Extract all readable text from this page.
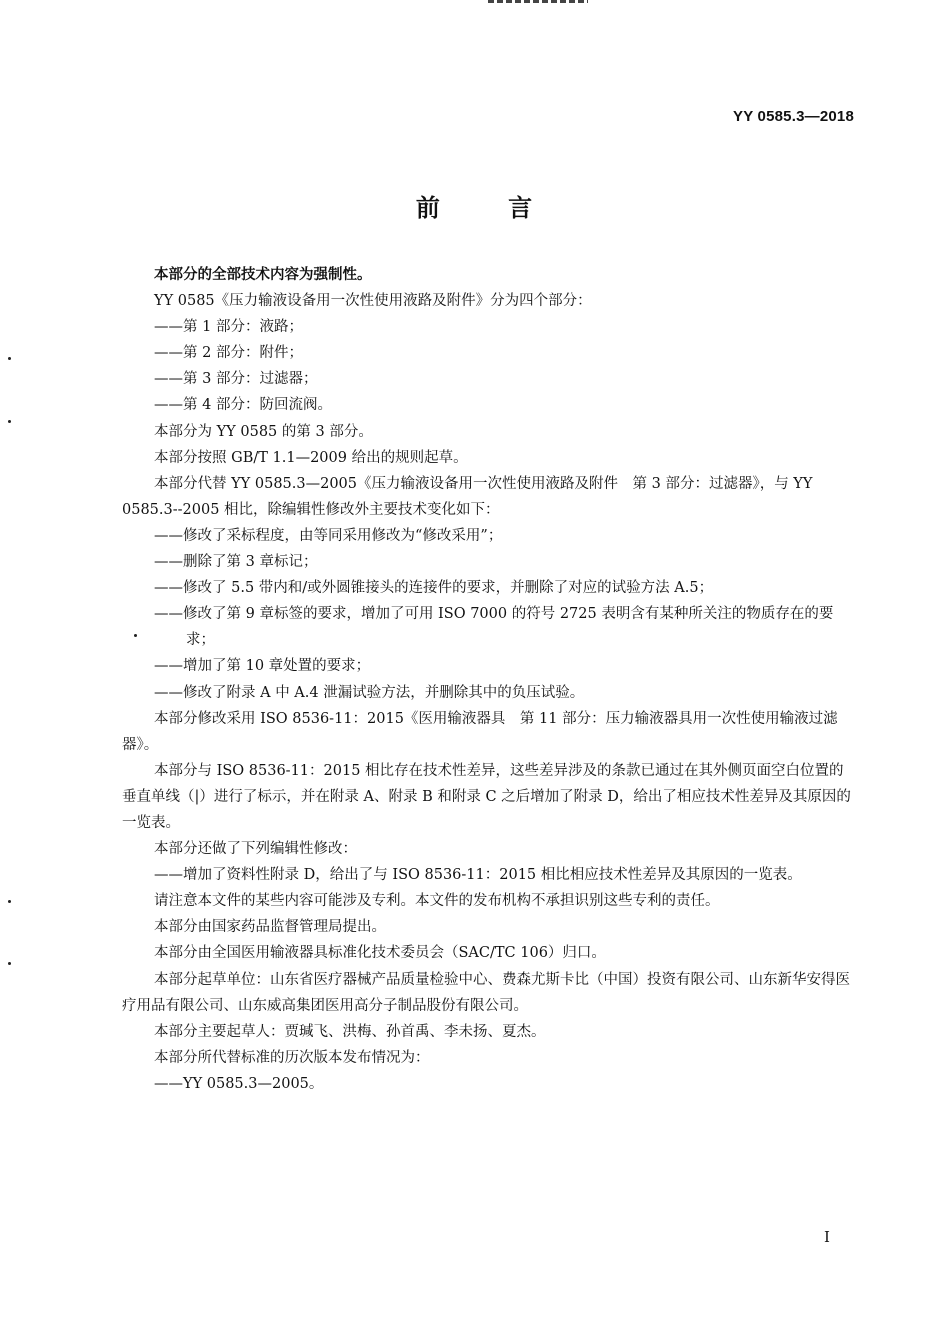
YY 0585.3—2018
前 言

本部分的全部技术内容为强制性。

YY 0585《压力输液设备用一次性使用液路及附件》分为四个部分：

——第 1 部分：液路；

——第 2 部分：附件；

——第 3 部分：过滤器；

——第 4 部分：防回流阀。

本部分为 YY 0585 的第 3 部分。

本部分按照 GB/T 1.1—2009 给出的规则起草。

本部分代替 YY 0585.3—2005《压力输液设备用一次性使用液路及附件　第 3 部分：过滤器》，与 YY 0585.3--2005 相比，除编辑性修改外主要技术变化如下：

——修改了采标程度，由等同采用修改为“修改采用”；

——删除了第 3 章标记；

——修改了 5.5 带内和/或外圆锥接头的连接件的要求，并删除了对应的试验方法 A.5；

——修改了第 9 章标签的要求，增加了可用 ISO 7000 的符号 2725 表明含有某种所关注的物质存在的要求；

——增加了第 10 章处置的要求；

——修改了附录 A 中 A.4 泄漏试验方法，并删除其中的负压试验。

本部分修改采用 ISO 8536-11：2015《医用输液器具　第 11 部分：压力输液器具用一次性使用输液过滤器》。

本部分与 ISO 8536-11：2015 相比存在技术性差异，这些差异涉及的条款已通过在其外侧页面空白位置的垂直单线（|）进行了标示，并在附录 A、附录 B 和附录 C 之后增加了附录 D，给出了相应技术性差异及其原因的一览表。

本部分还做了下列编辑性修改：

——增加了资料性附录 D，给出了与 ISO 8536-11：2015 相比相应技术性差异及其原因的一览表。

请注意本文件的某些内容可能涉及专利。本文件的发布机构不承担识别这些专利的责任。

本部分由国家药品监督管理局提出。

本部分由全国医用输液器具标准化技术委员会（SAC/TC 106）归口。

本部分起草单位：山东省医疗器械产品质量检验中心、费森尤斯卡比（中国）投资有限公司、山东新华安得医疗用品有限公司、山东威高集团医用高分子制品股份有限公司。

本部分主要起草人：贾瑊飞、洪梅、孙首禹、李未扬、夏杰。

本部分所代替标准的历次版本发布情况为：

——YY 0585.3—2005。

I
